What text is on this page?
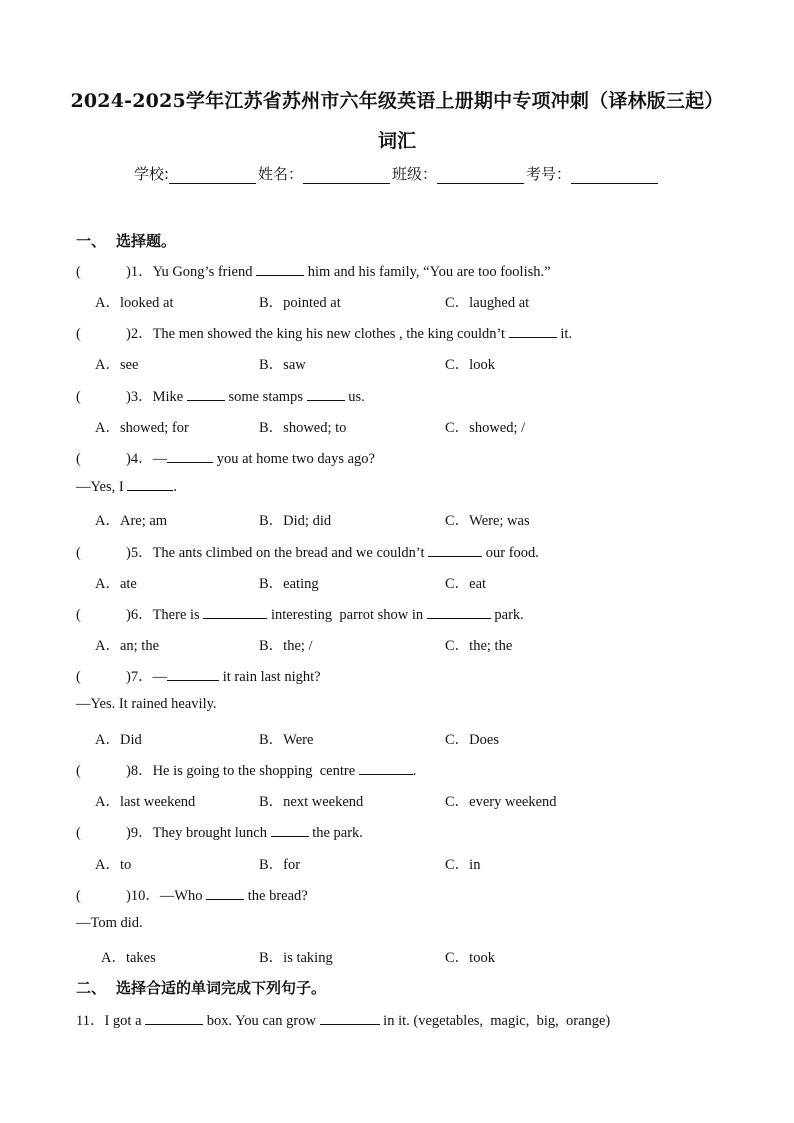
2024-2025学年江苏省苏州市六年级英语上册期中专项冲刺（译林版三起）
词汇
学校:	姓名：	班级：	考号：
一、 选择题。
(	)1．Yu Gong’s friend	him and his family, “You are too foolish.”
A．looked at	B．pointed at	C．laughed at
(	)2．The men showed the king his new clothes , the king couldn’t	it.
A．see	B．saw	C．look
(	)3．Mike	some stamps	us.
A．showed; for	B．showed; to	C．showed; /
(	)4．—	you at home two days ago?
—Yes, I	.
A．Are; am	B．Did; did	C．Were; was
(	)5．The ants climbed on the bread and we couldn’t	our food.
A．ate	B．eating	C．eat
(	)6．There is	interesting  parrot show in	park.
A．an; the	B．the; /	C．the; the
(	)7．—	it rain last night?
—Yes. It rained heavily.
A．Did	B．Were	C．Does
(	)8．He is going to the shopping  centre	.
A．last weekend	B．next weekend	C．every weekend
(	)9．They brought lunch	the park.
A．to	B．for	C．in
(	)10．—Who	the bread?
—Tom did.
A．takes	B．is taking	C．took
二、 选择合适的单词完成下列句子。
11．I got a	box. You can grow	in it. (vegetables,  magic,  big,  orange)
